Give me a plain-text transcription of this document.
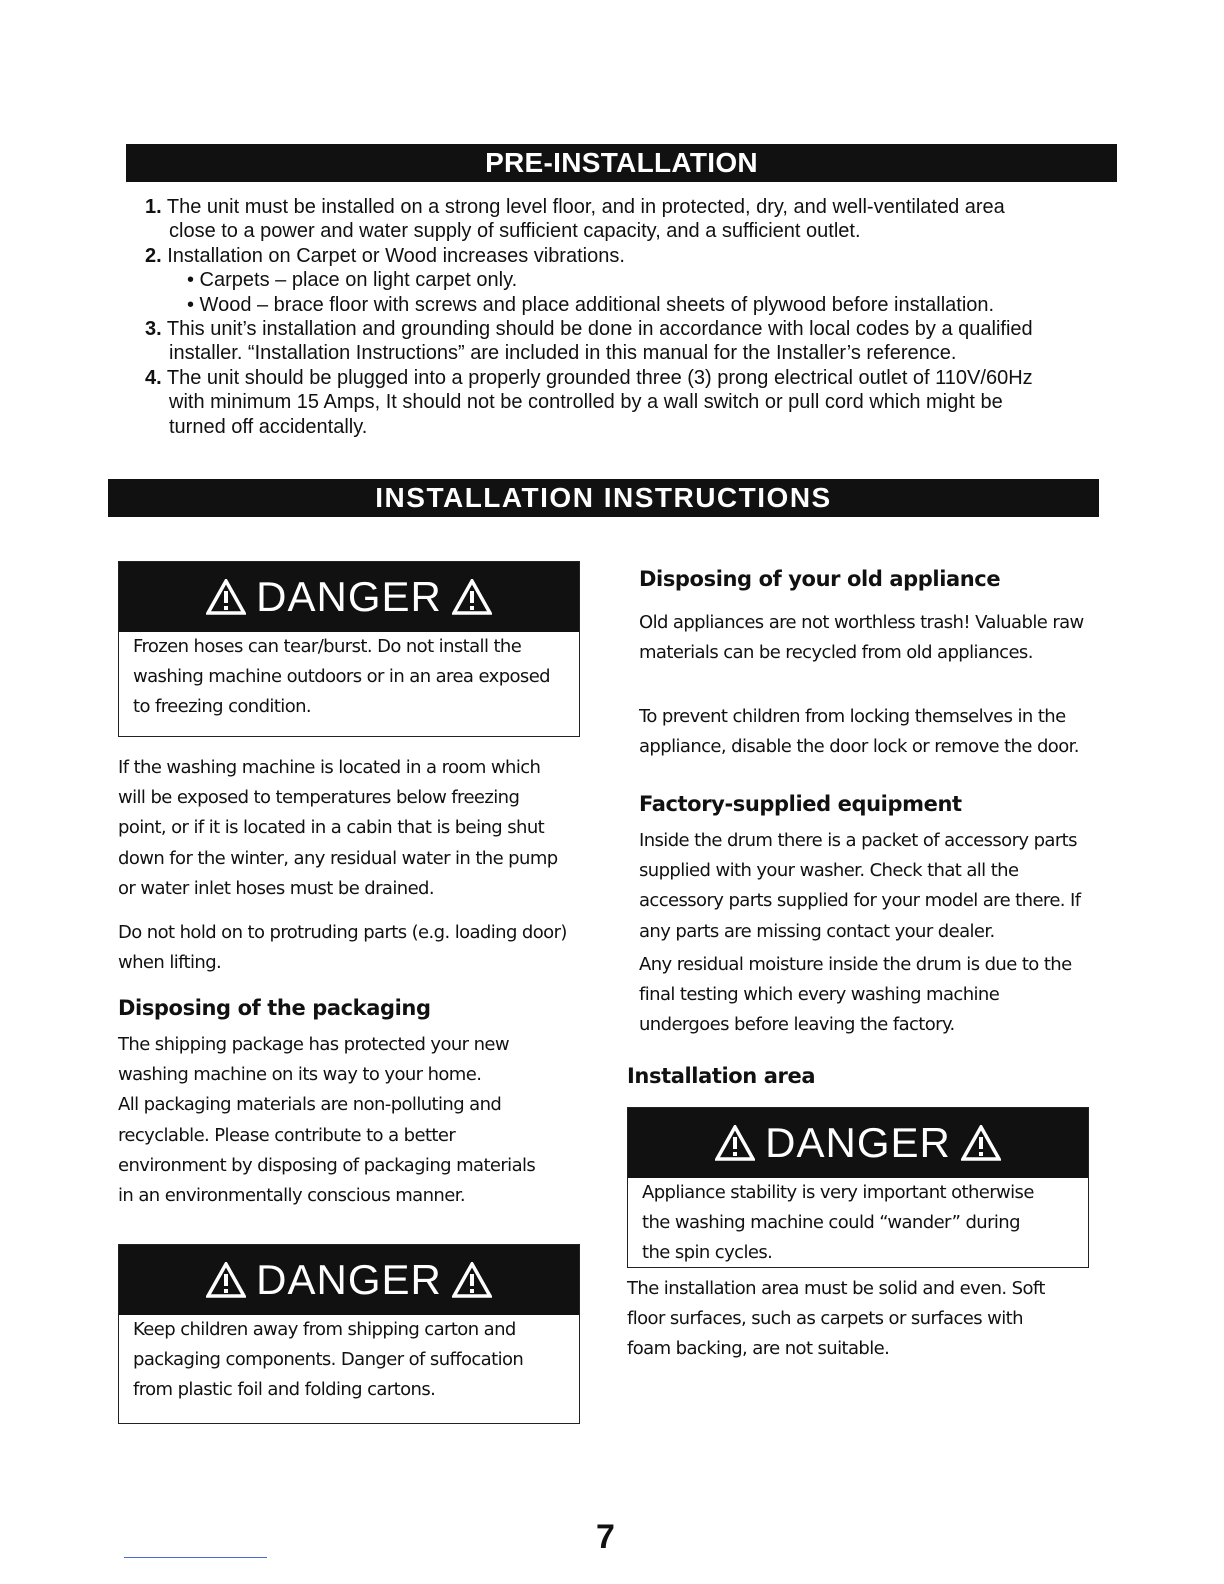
PRE-INSTALLATION
1. The unit must be installed on a strong level floor, and in protected, dry, and well-ventilated area
close to a power and water supply of sufficient capacity, and a sufficient outlet.
2. Installation on Carpet or Wood increases vibrations.
• Carpets – place on light carpet only.
• Wood – brace floor with screws and place additional sheets of plywood before installation.
3. This unit’s installation and grounding should be done in accordance with local codes by a qualified
installer. “Installation Instructions” are included in this manual for the Installer’s reference.
4. The unit should be plugged into a properly grounded three (3) prong electrical outlet of 110V/60Hz
with minimum 15 Amps, It should not be controlled by a wall switch or pull cord which might be
turned off accidentally.
INSTALLATION INSTRUCTIONS
DANGER
Frozen hoses can tear/burst. Do not install the
washing machine outdoors or in an area exposed
to freezing condition.
If the washing machine is located in a room which
will be exposed to temperatures below freezing
point, or if it is located in a cabin that is being shut
down for the winter, any residual water in the pump
or water inlet hoses must be drained.
Do not hold on to protruding parts (e.g. loading door)
when lifting.
Disposing of the packaging
The shipping package has protected your new
washing machine on its way to your home.
All packaging materials are non-polluting and
recyclable. Please contribute to a better
environment by disposing of packaging materials
in an environmentally conscious manner.
DANGER
Keep children away from shipping carton and
packaging components. Danger of suffocation
from plastic foil and folding cartons.
Disposing of your old appliance
Old appliances are not worthless trash! Valuable raw
materials can be recycled from old appliances.
To prevent children from locking themselves in the
appliance, disable the door lock or remove the door.
Factory-supplied equipment
Inside the drum there is a packet of accessory parts
supplied with your washer. Check that all the
accessory parts supplied for your model are there. If
any parts are missing contact your dealer.
Any residual moisture inside the drum is due to the
final testing which every washing machine
undergoes before leaving the factory.
Installation area
DANGER
Appliance stability is very important otherwise
the washing machine could “wander” during
the spin cycles.
The installation area must be solid and even. Soft
floor surfaces, such as carpets or surfaces with
foam backing, are not suitable.
7
